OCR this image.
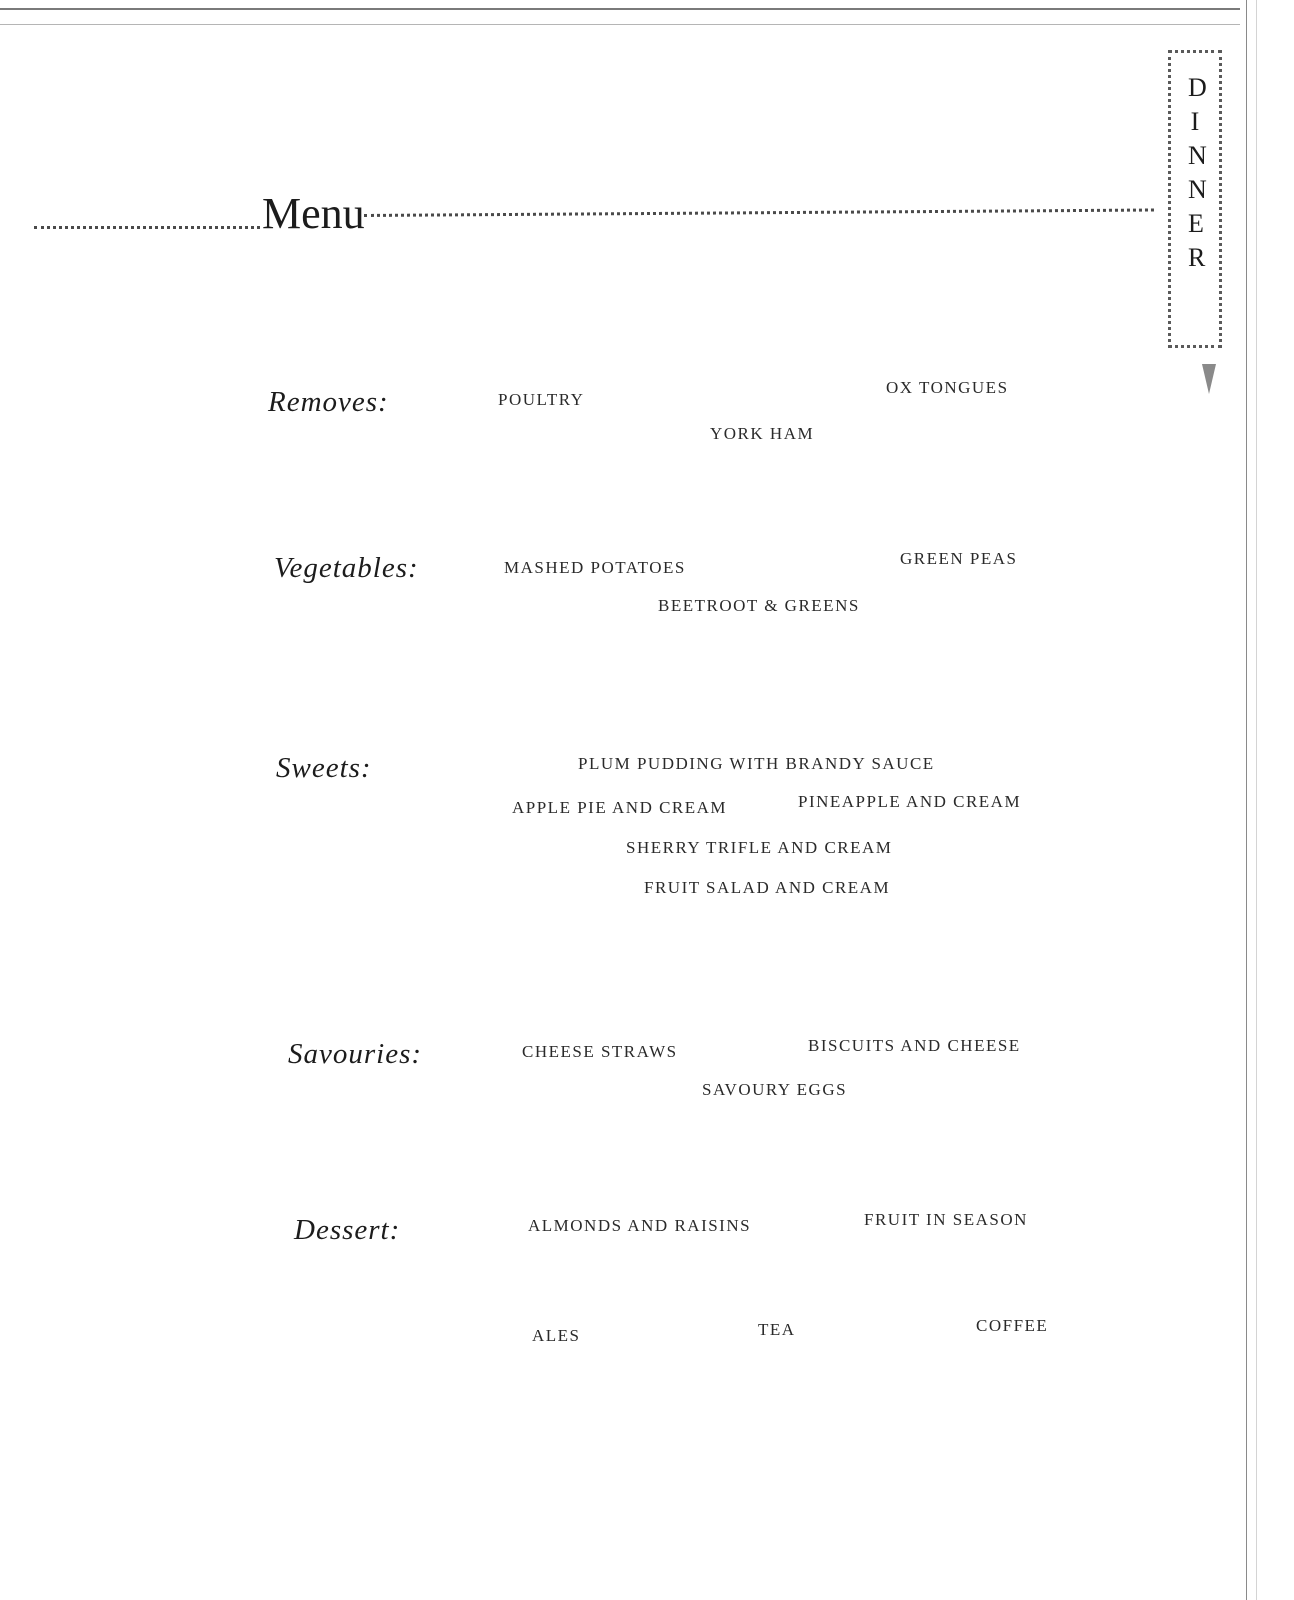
Menu
DINNER
Removes:	POULTRY
OX TONGUES
YORK HAM
Vegetables:	MASHED POTATOES	GREEN PEAS
BEETROOT & GREENS
Sweets:	PLUM PUDDING WITH BRANDY SAUCE
APPLE PIE AND CREAM	PINEAPPLE AND CREAM
SHERRY TRIFLE AND CREAM
FRUIT SALAD AND CREAM
Savouries:	CHEESE STRAWS	BISCUITS AND CHEESE
SAVOURY EGGS
Dessert:	ALMONDS AND RAISINS	FRUIT IN SEASON
ALES	TEA	COFFEE
